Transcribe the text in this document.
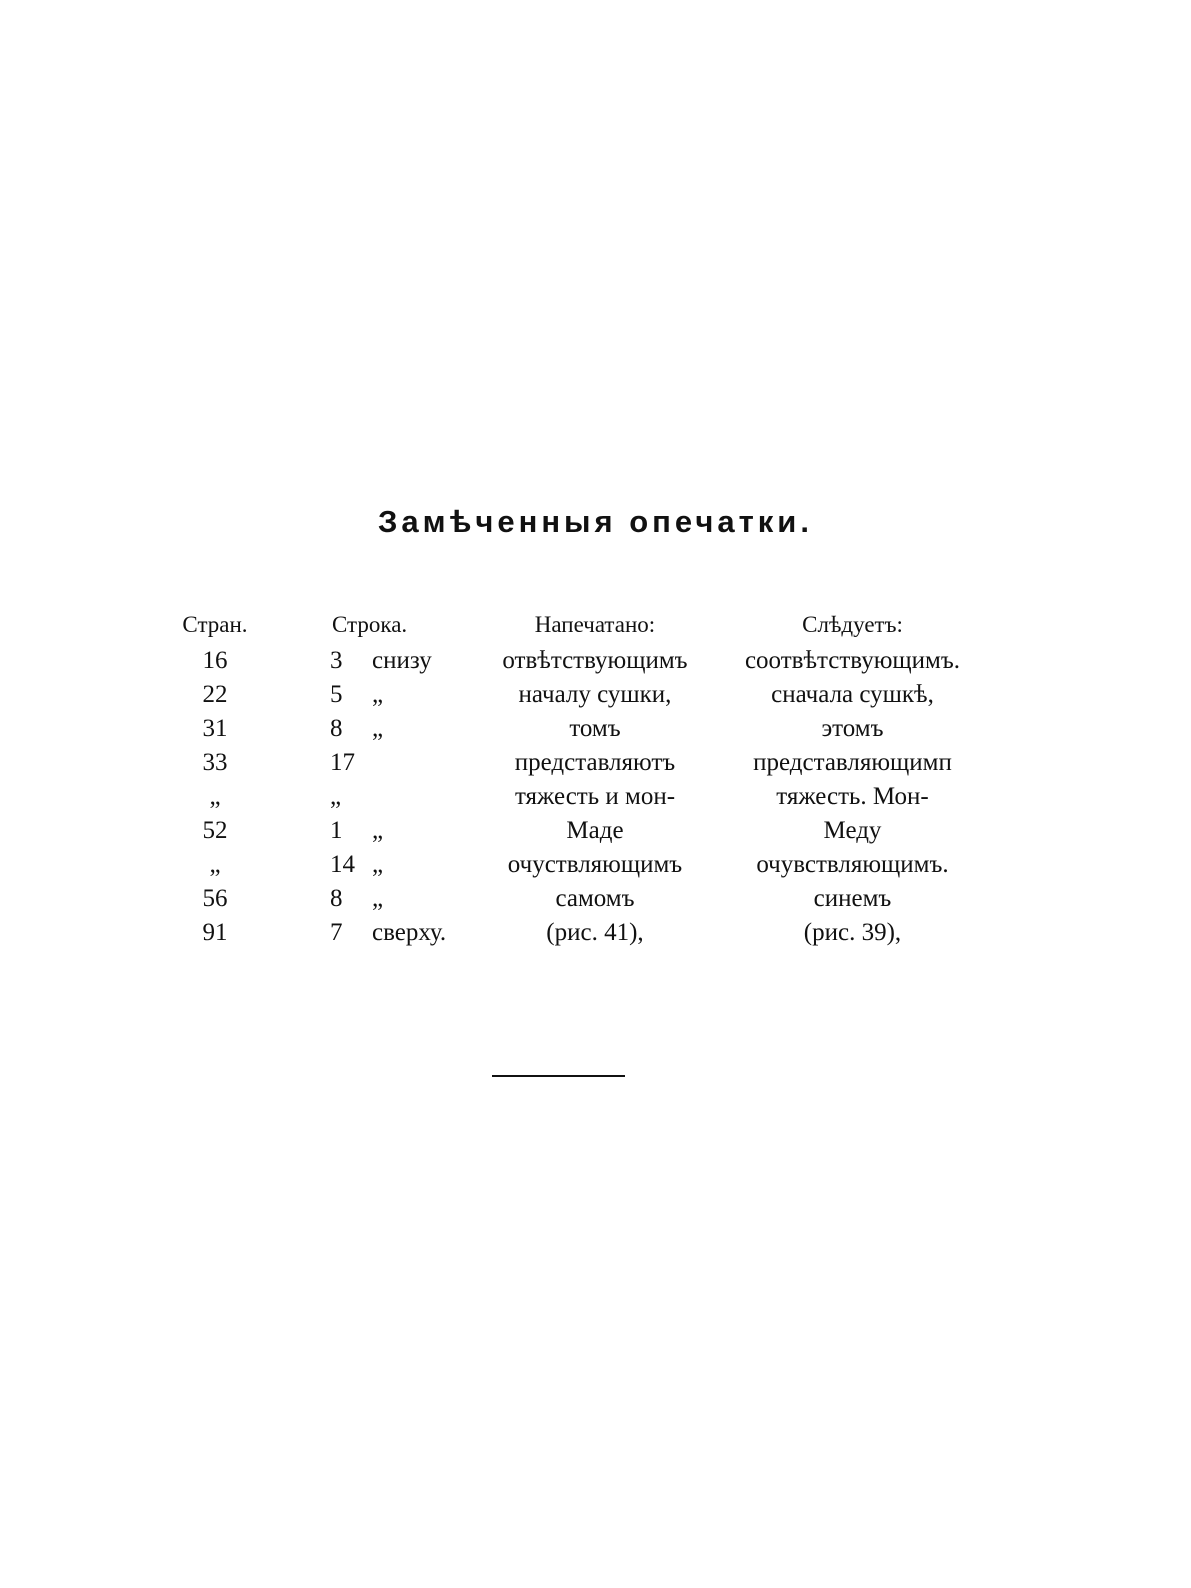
Замѣченныя опечатки.
Стран.	Строка.	Напечатано:	Слѣдуетъ:
16	3 снизу	отвѣтствующимъ	соотвѣтствующимъ.
22	5 „	началу сушки,	сначала сушкѣ,
31	8 „	томъ	этомъ
33	17	представляютъ	представляющимп
„	„	тяжесть и мон-	тяжесть. Мон-
52	1 „	Маде	Меду
„	14 „	очуствляющимъ	очувствляющимъ.
56	8 „	самомъ	синемъ
91	7 сверху.	(рис. 41),	(рис. 39),
